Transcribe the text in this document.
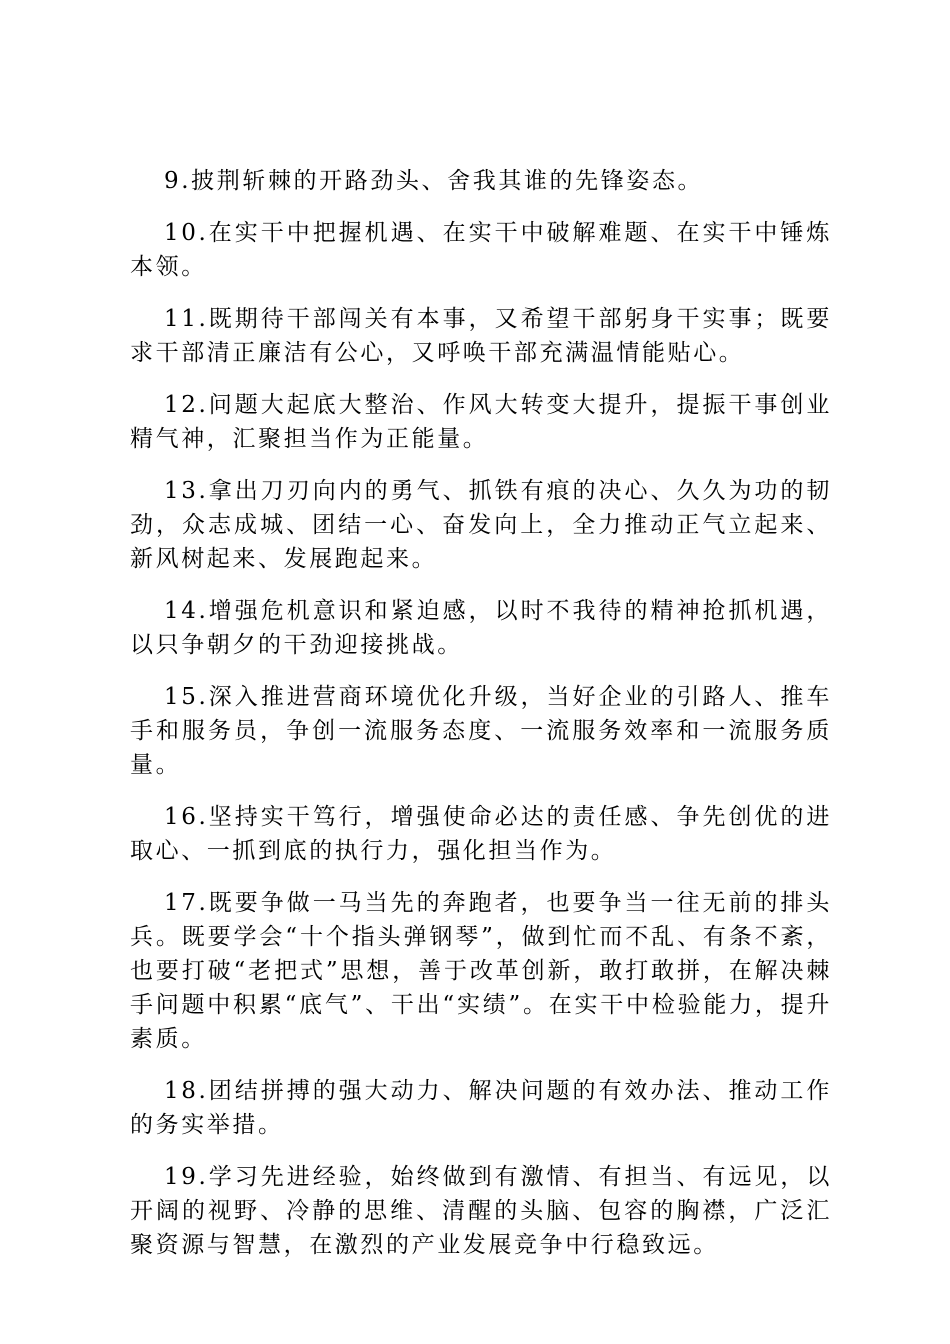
9.披荆斩棘的开路劲头、舍我其谁的先锋姿态。

10.在实干中把握机遇、在实干中破解难题、在实干中锤炼本领。

11.既期待干部闯关有本事，又希望干部躬身干实事；既要求干部清正廉洁有公心，又呼唤干部充满温情能贴心。

12.问题大起底大整治、作风大转变大提升，提振干事创业精气神，汇聚担当作为正能量。

13.拿出刀刃向内的勇气、抓铁有痕的决心、久久为功的韧劲，众志成城、团结一心、奋发向上，全力推动正气立起来、新风树起来、发展跑起来。

14.增强危机意识和紧迫感，以时不我待的精神抢抓机遇，以只争朝夕的干劲迎接挑战。

15.深入推进营商环境优化升级，当好企业的引路人、推车手和服务员，争创一流服务态度、一流服务效率和一流服务质量。

16.坚持实干笃行，增强使命必达的责任感、争先创优的进取心、一抓到底的执行力，强化担当作为。

17.既要争做一马当先的奔跑者，也要争当一往无前的排头兵。既要学会“十个指头弹钢琴”，做到忙而不乱、有条不紊，也要打破“老把式”思想，善于改革创新，敢打敢拼，在解决棘手问题中积累“底气”、干出“实绩”。在实干中检验能力，提升素质。

18.团结拼搏的强大动力、解决问题的有效办法、推动工作的务实举措。

19.学习先进经验，始终做到有激情、有担当、有远见，以开阔的视野、冷静的思维、清醒的头脑、包容的胸襟，广泛汇聚资源与智慧，在激烈的产业发展竞争中行稳致远。
